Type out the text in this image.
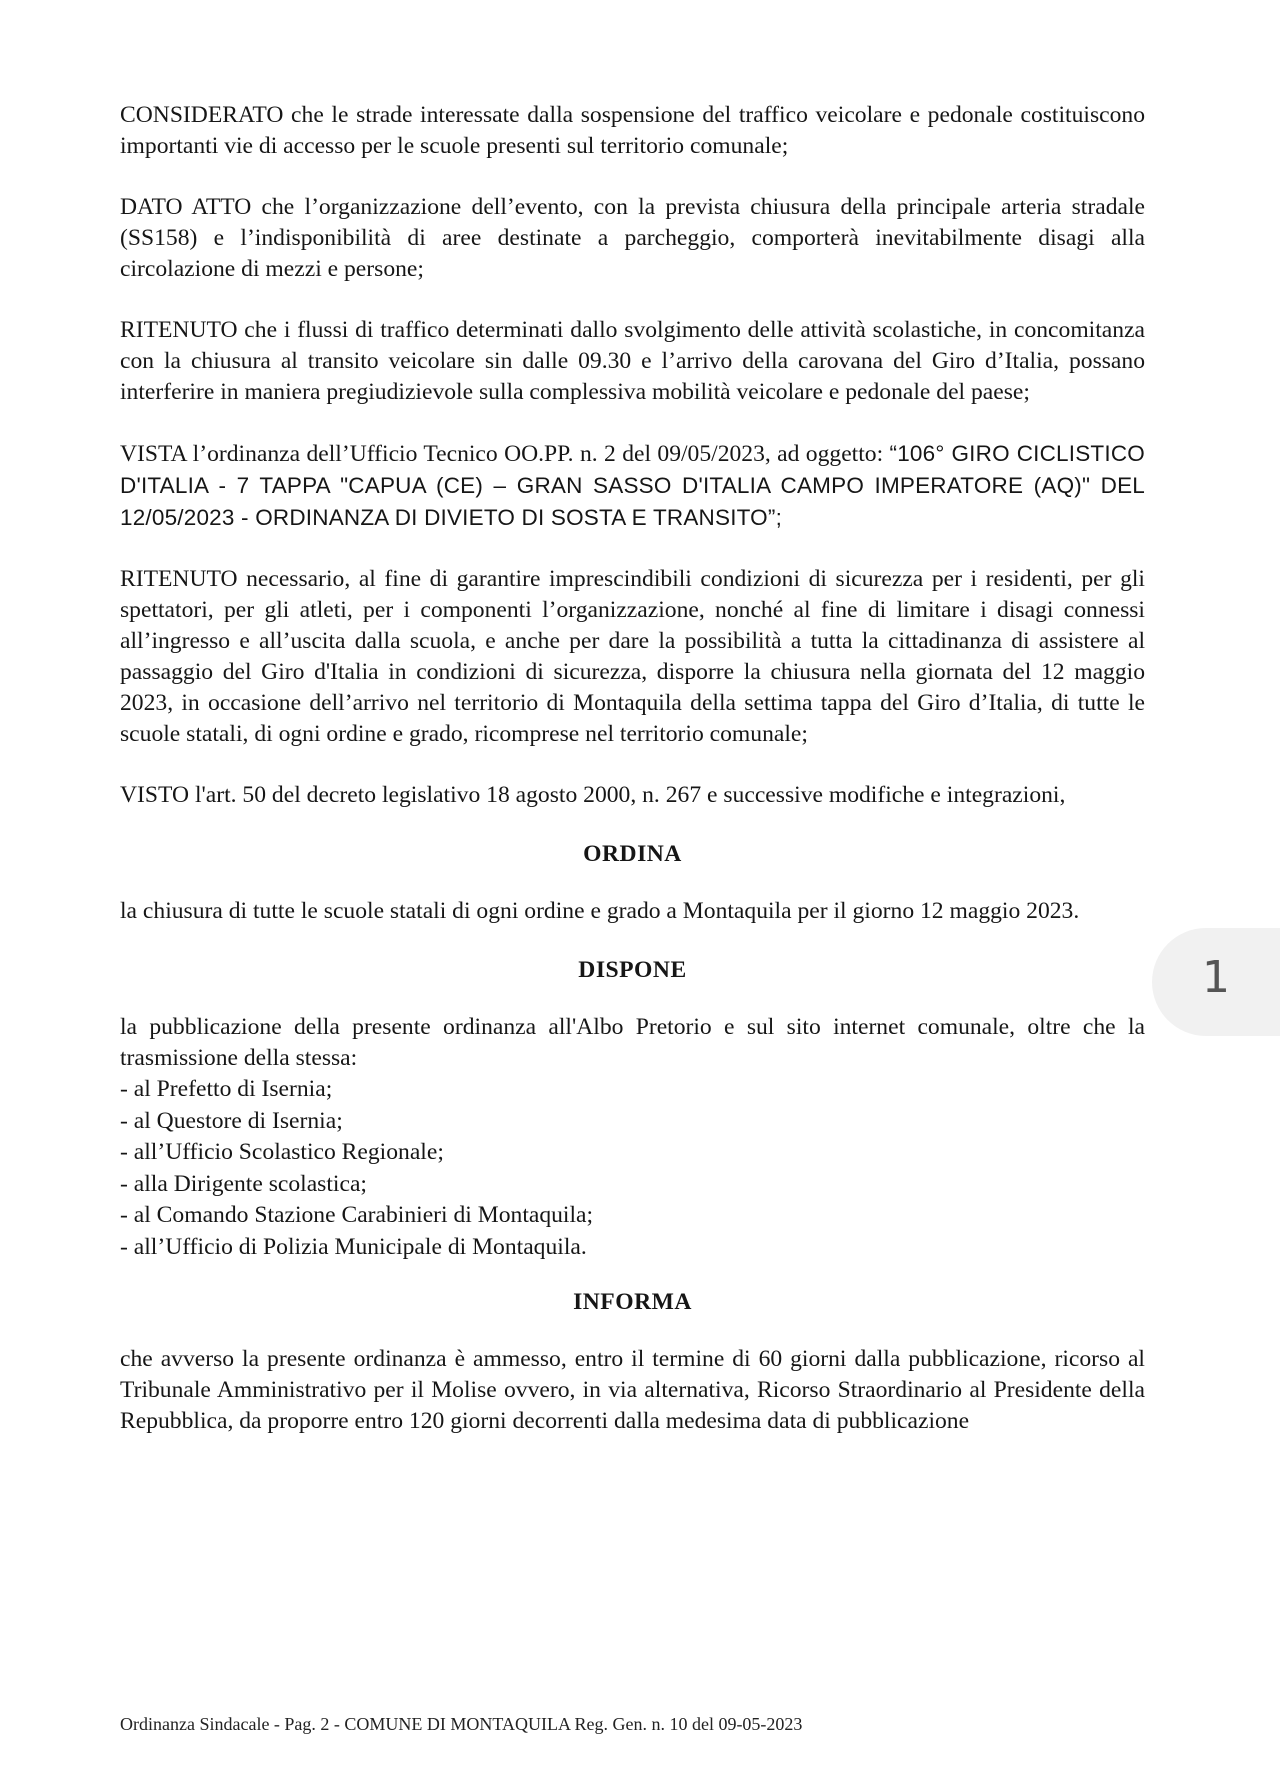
CONSIDERATO che le strade interessate dalla sospensione del traffico veicolare e pedonale costituiscono importanti vie di accesso per le scuole presenti sul territorio comunale;

DATO ATTO che l’organizzazione dell’evento, con la prevista chiusura della principale arteria stradale (SS158) e l’indisponibilità di aree destinate a parcheggio, comporterà inevitabilmente disagi alla circolazione di mezzi e persone;

RITENUTO che i flussi di traffico determinati dallo svolgimento delle attività scolastiche, in concomitanza con la chiusura al transito veicolare sin dalle 09.30 e l’arrivo della carovana del Giro d’Italia, possano interferire in maniera pregiudizievole sulla complessiva mobilità veicolare e pedonale del paese;

VISTA l’ordinanza dell’Ufficio Tecnico OO.PP. n. 2 del 09/05/2023, ad oggetto: “106° GIRO CICLISTICO D'ITALIA - 7 TAPPA "CAPUA (CE) – GRAN SASSO D'ITALIA CAMPO IMPERATORE (AQ)" DEL 12/05/2023 - ORDINANZA DI DIVIETO DI SOSTA E TRANSITO”;

RITENUTO necessario, al fine di garantire imprescindibili condizioni di sicurezza per i residenti, per gli spettatori, per gli atleti, per i componenti l’organizzazione, nonché al fine di limitare i disagi connessi all’ingresso e all’uscita dalla scuola, e anche per dare la possibilità a tutta la cittadinanza di assistere al passaggio del Giro d'Italia in condizioni di sicurezza, disporre la chiusura nella giornata del 12 maggio 2023, in occasione dell’arrivo nel territorio di Montaquila della settima tappa del Giro d’Italia, di tutte le scuole statali, di ogni ordine e grado, ricomprese nel territorio comunale;

VISTO l'art. 50 del decreto legislativo 18 agosto 2000, n. 267 e successive modifiche e integrazioni,

ORDINA

la chiusura di tutte le scuole statali di ogni ordine e grado a Montaquila per il giorno 12 maggio 2023.

DISPONE

la pubblicazione della presente ordinanza all'Albo Pretorio e sul sito internet comunale, oltre che la trasmissione della stessa:

- al Prefetto di Isernia;
- al Questore di Isernia;
- all’Ufficio Scolastico Regionale;
- alla Dirigente scolastica;
- al Comando Stazione Carabinieri di Montaquila;
- all’Ufficio di Polizia Municipale di Montaquila.
INFORMA

che avverso la presente ordinanza è ammesso, entro il termine di 60 giorni dalla pubblicazione, ricorso al Tribunale Amministrativo per il Molise ovvero, in via alternativa, Ricorso Straordinario al Presidente della Repubblica, da proporre entro 120 giorni decorrenti dalla medesima data di pubblicazione

Ordinanza Sindacale - Pag. 2 - COMUNE DI MONTAQUILA Reg. Gen. n. 10 del 09-05-2023
1
